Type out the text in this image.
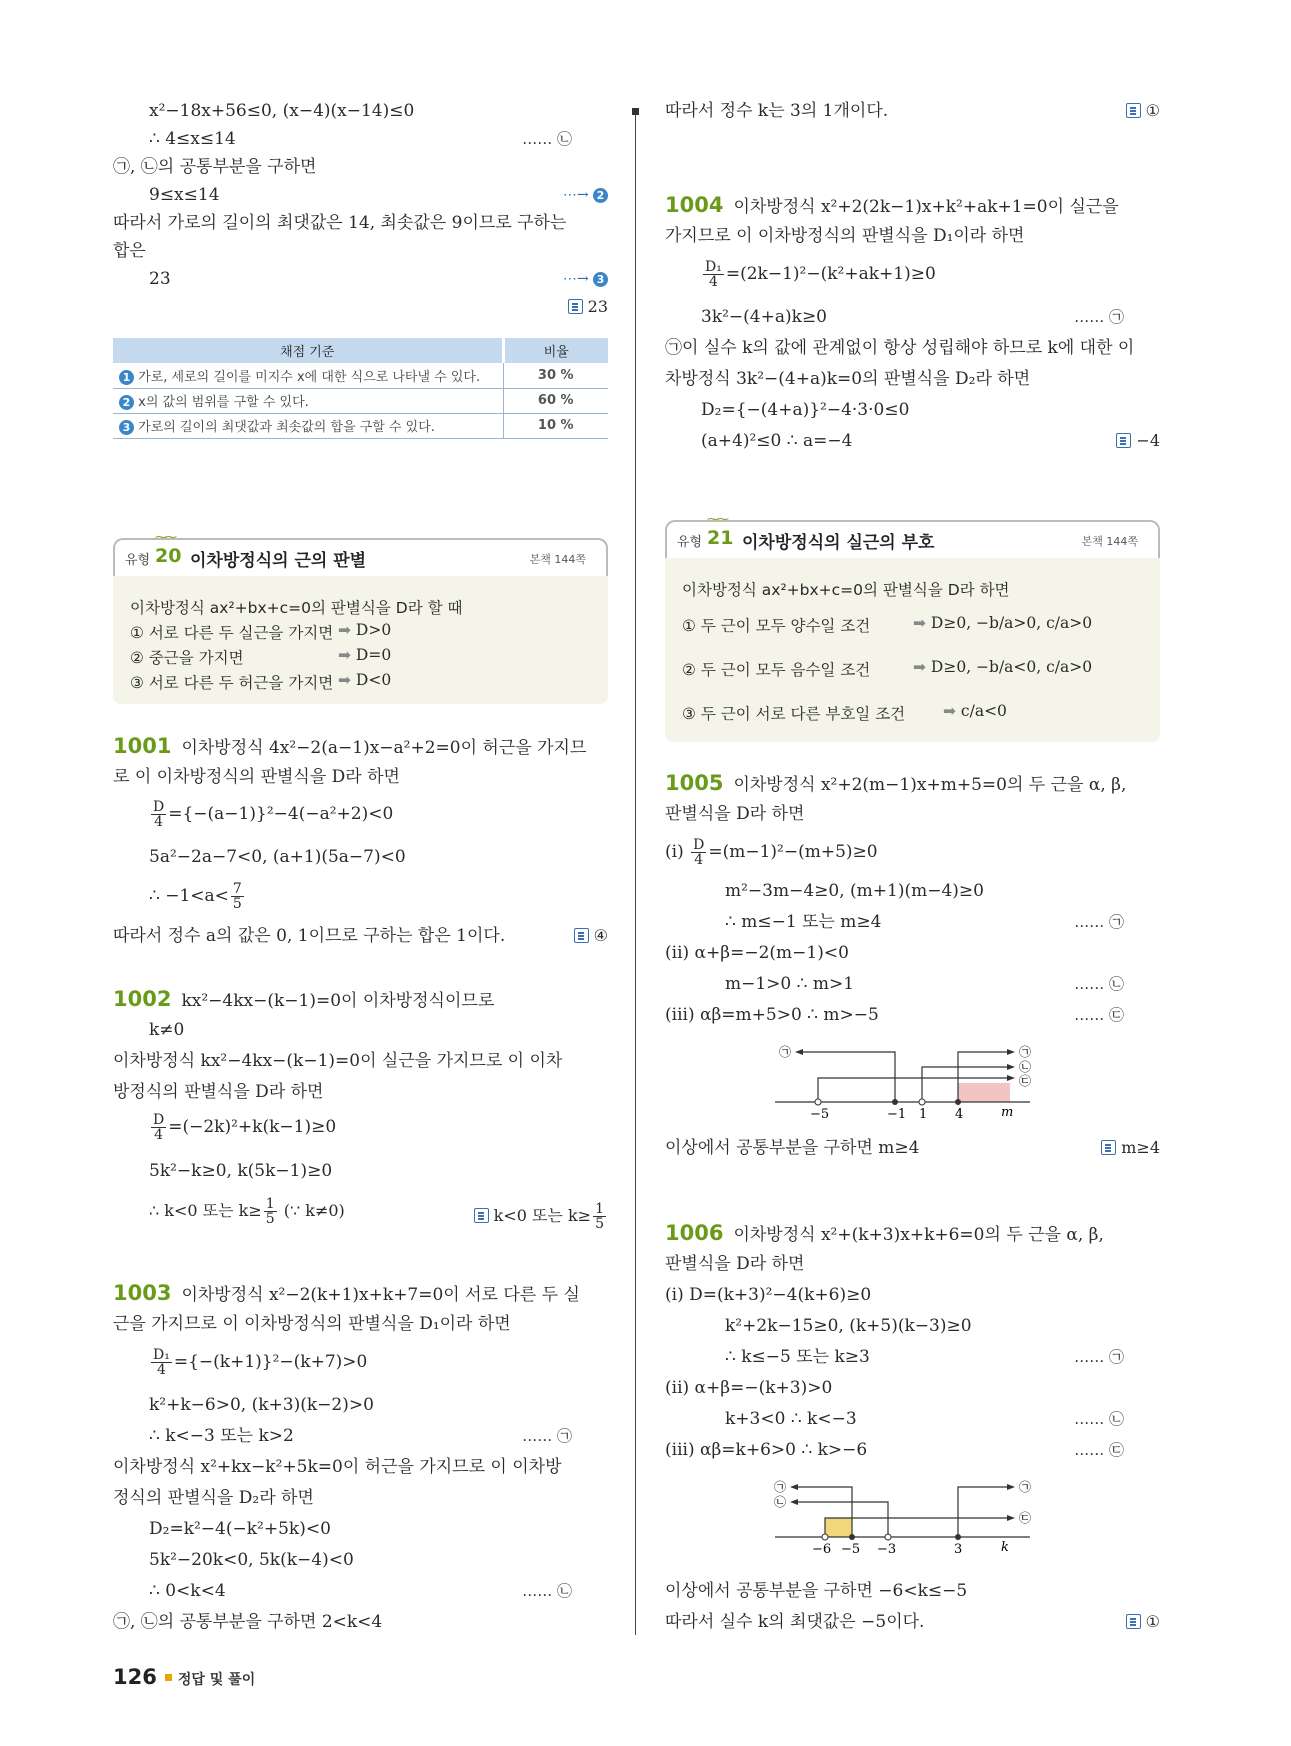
x²−18x+56≤0, (x−4)(x−14)≤0
∴ 4≤x≤14	…… ㉡
㉠, ㉡의 공통부분을 구하면
9≤x≤14	⋯→ 2
따라서 가로의 길이의 최댓값은 14, 최솟값은 9이므로 구하는
합은
23	⋯→ 3
23
채점 기준	비율
1 가로, 세로의 길이를 미지수 x에 대한 식으로 나타낼 수 있다.	30 %
2 x의 값의 범위를 구할 수 있다.	60 %
3 가로의 길이의 최댓값과 최솟값의 합을 구할 수 있다.	10 %
⁓⁓
유형 20 이차방정식의 근의 판별	본책 144쪽
이차방정식 ax²+bx+c=0의 판별식을 D라 할 때
① 서로 다른 두 실근을 가지면 ➡ D>0
② 중근을 가지면	➡ D=0
③ 서로 다른 두 허근을 가지면 ➡ D<0
1001 이차방정식 4x²−2(a−1)x−a²+2=0이 허근을 가지므
로 이 이차방정식의 판별식을 D라 하면
$\frac{D}{4} =\{-(a-1)\}^2-4(-a^2+2)<0$
5a²−2a−7<0, (a+1)(5a−7)<0
∴ $-1<a< \frac{7}{5}$
따라서 정수 a의 값은 0, 1이므로 구하는 합은 1이다.	④
1002 kx²−4kx−(k−1)=0이 이차방정식이므로
k≠0
이차방정식 kx²−4kx−(k−1)=0이 실근을 가지므로 이 이차
방정식의 판별식을 D라 하면
$\frac{D}{4} =(-2k)^2+k(k-1)\ge 0$
5k²−k≥0, k(5k−1)≥0
∴ k<0 또는 $k\ge \frac{1}{5}$ (∵ k≠0)	k<0 또는 $k\ge \frac{1}{5}$
1003 이차방정식 x²−2(k+1)x+k+7=0이 서로 다른 두 실
근을 가지므로 이 이차방정식의 판별식을 D₁이라 하면
$\frac{\text{D₁}}{4} =\{-(k+1)\}^2-(k+7)>0$
k²+k−6>0, (k+3)(k−2)>0
∴ k<−3 또는 k>2	…… ㉠
이차방정식 x²+kx−k²+5k=0이 허근을 가지므로 이 이차방
정식의 판별식을 D₂라 하면
D₂=k²−4(−k²+5k)<0
5k²−20k<0, 5k(k−4)<0
∴ 0<k<4	…… ㉡
㉠, ㉡의 공통부분을 구하면 2<k<4
따라서 정수 k는 3의 1개이다.	①
1004 이차방정식 x²+2(2k−1)x+k²+ak+1=0이 실근을
가지므로 이 이차방정식의 판별식을 D₁이라 하면
$\frac{\text{D₁}}{4} =(2k-1)^2-(k^2+ak+1)\ge 0$
3k²−(4+a)k≥0	…… ㉠
㉠이 실수 k의 값에 관계없이 항상 성립해야 하므로 k에 대한 이
차방정식 3k²−(4+a)k=0의 판별식을 D₂라 하면
D₂={−(4+a)}²−4·3·0≤0
(a+4)²≤0 ∴ a=−4	−4
⁓⁓
유형 21 이차방정식의 실근의 부호	본책 144쪽
이차방정식 ax²+bx+c=0의 판별식을 D라 하면
① 두 근이 모두 양수일 조건	➡ D≥0, −b/a>0, c/a>0
② 두 근이 모두 음수일 조건	➡ D≥0, −b/a<0, c/a>0
③ 두 근이 서로 다른 부호일 조건 ➡ c/a<0
1005 이차방정식 x²+2(m−1)x+m+5=0의 두 근을 α, β,
판별식을 D라 하면
$(i) \frac{D}{4} =(m-1)^2-(m+5)\ge 0$
m²−3m−4≥0, (m+1)(m−4)≥0
∴ m≤−1 또는 m≥4	…… ㉠
(ii) α+β=−2(m−1)<0
m−1>0 ∴ m>1	…… ㉡
(iii) αβ=m+5>0 ∴ m>−5	…… ㉢
−5	−1 1 4	m
㉠	㉠
㉡
㉢
이상에서 공통부분을 구하면 m≥4	m≥4
1006 이차방정식 x²+(k+3)x+k+6=0의 두 근을 α, β,
판별식을 D라 하면
(i) D=(k+3)²−4(k+6)≥0
k²+2k−15≥0, (k+5)(k−3)≥0
∴ k≤−5 또는 k≥3	…… ㉠
(ii) α+β=−(k+3)>0
k+3<0 ∴ k<−3	…… ㉡
(iii) αβ=k+6>0 ∴ k>−6	…… ㉢
−6 −5 −3	3	k
㉠
㉡
㉠
㉢
이상에서 공통부분을 구하면 −6<k≤−5
따라서 실수 k의 최댓값은 −5이다.	①
126 정답 및 풀이
